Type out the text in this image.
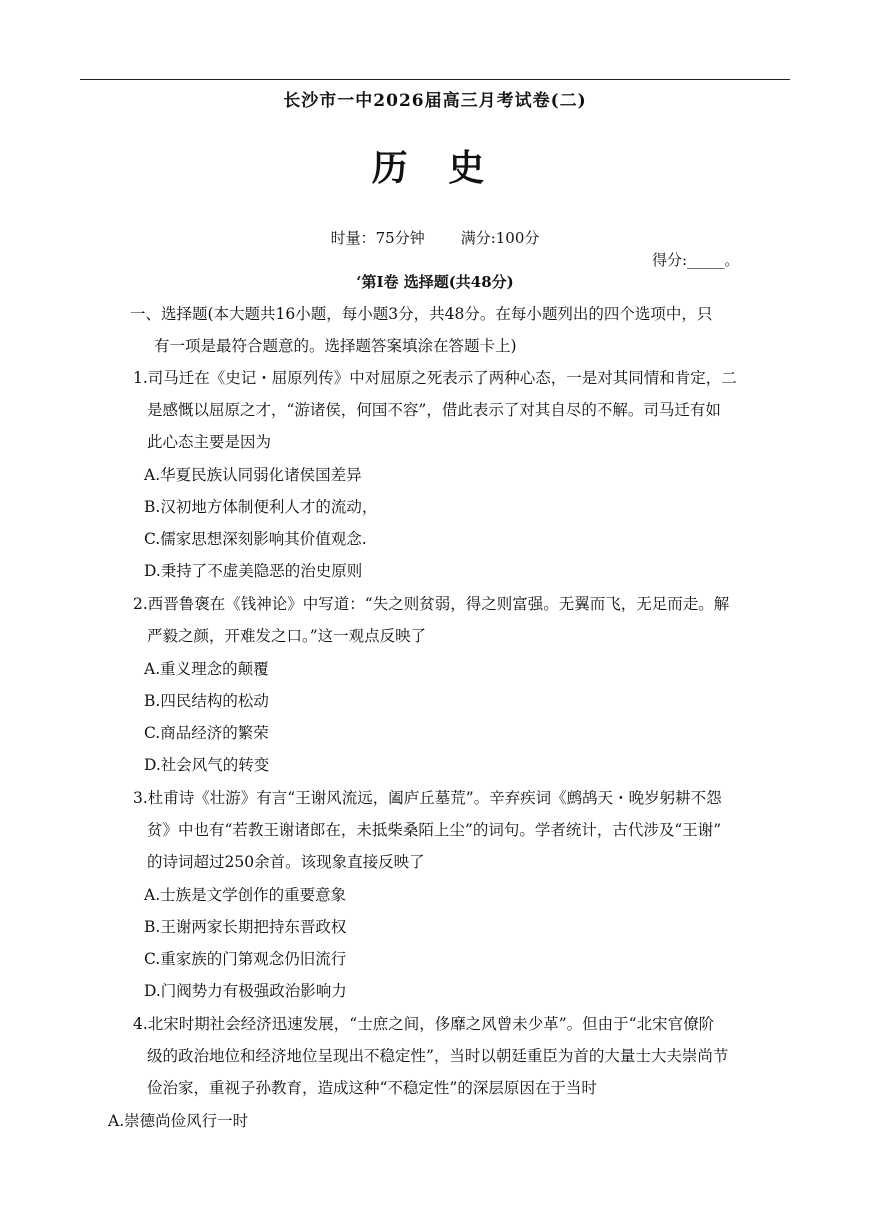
长沙市一中2026届高三月考试卷(二)
历 史
时量：75分钟 满分:100分
得分:_____。
‘第Ⅰ卷 选择题(共48分)
一、选择题(本大题共16小题，每小题3分，共48分。在每小题列出的四个选项中，只
有一项是最符合题意的。选择题答案填涂在答题卡上)
1.司马迁在《史记・屈原列传》中对屈原之死表示了两种心态，一是对其同情和肯定，二
是感慨以屈原之才，“游诸侯，何国不容”，借此表示了对其自尽的不解。司马迁有如
此心态主要是因为
A.华夏民族认同弱化诸侯国差异
B.汉初地方体制便利人才的流动，
C.儒家思想深刻影响其价值观念.
D.秉持了不虚美隐恶的治史原则
2.西晋鲁褒在《钱神论》中写道：“失之则贫弱，得之则富强。无翼而飞，无足而走。解
严毅之颜，开难发之口。”这一观点反映了
A.重义理念的颠覆
B.四民结构的松动
C.商品经济的繁荣
D.社会风气的转变
3.杜甫诗《壮游》有言“王谢风流远，阖庐丘墓荒”。辛弃疾词《鹧鸪天・晚岁躬耕不怨
贫》中也有“若教王谢诸郎在，未抵柴桑陌上尘”的词句。学者统计，古代涉及“王谢”
的诗词超过250余首。该现象直接反映了
A.士族是文学创作的重要意象
B.王谢两家长期把持东晋政权
C.重家族的门第观念仍旧流行
D.门阀势力有极强政治影响力
4.北宋时期社会经济迅速发展，“士庶之间，侈靡之风曾未少革”。但由于“北宋官僚阶
级的政治地位和经济地位呈现出不稳定性”，当时以朝廷重臣为首的大量士大夫崇尚节
俭治家，重视子孙教育，造成这种“不稳定性”的深层原因在于当时
A.崇德尚俭风行一时
